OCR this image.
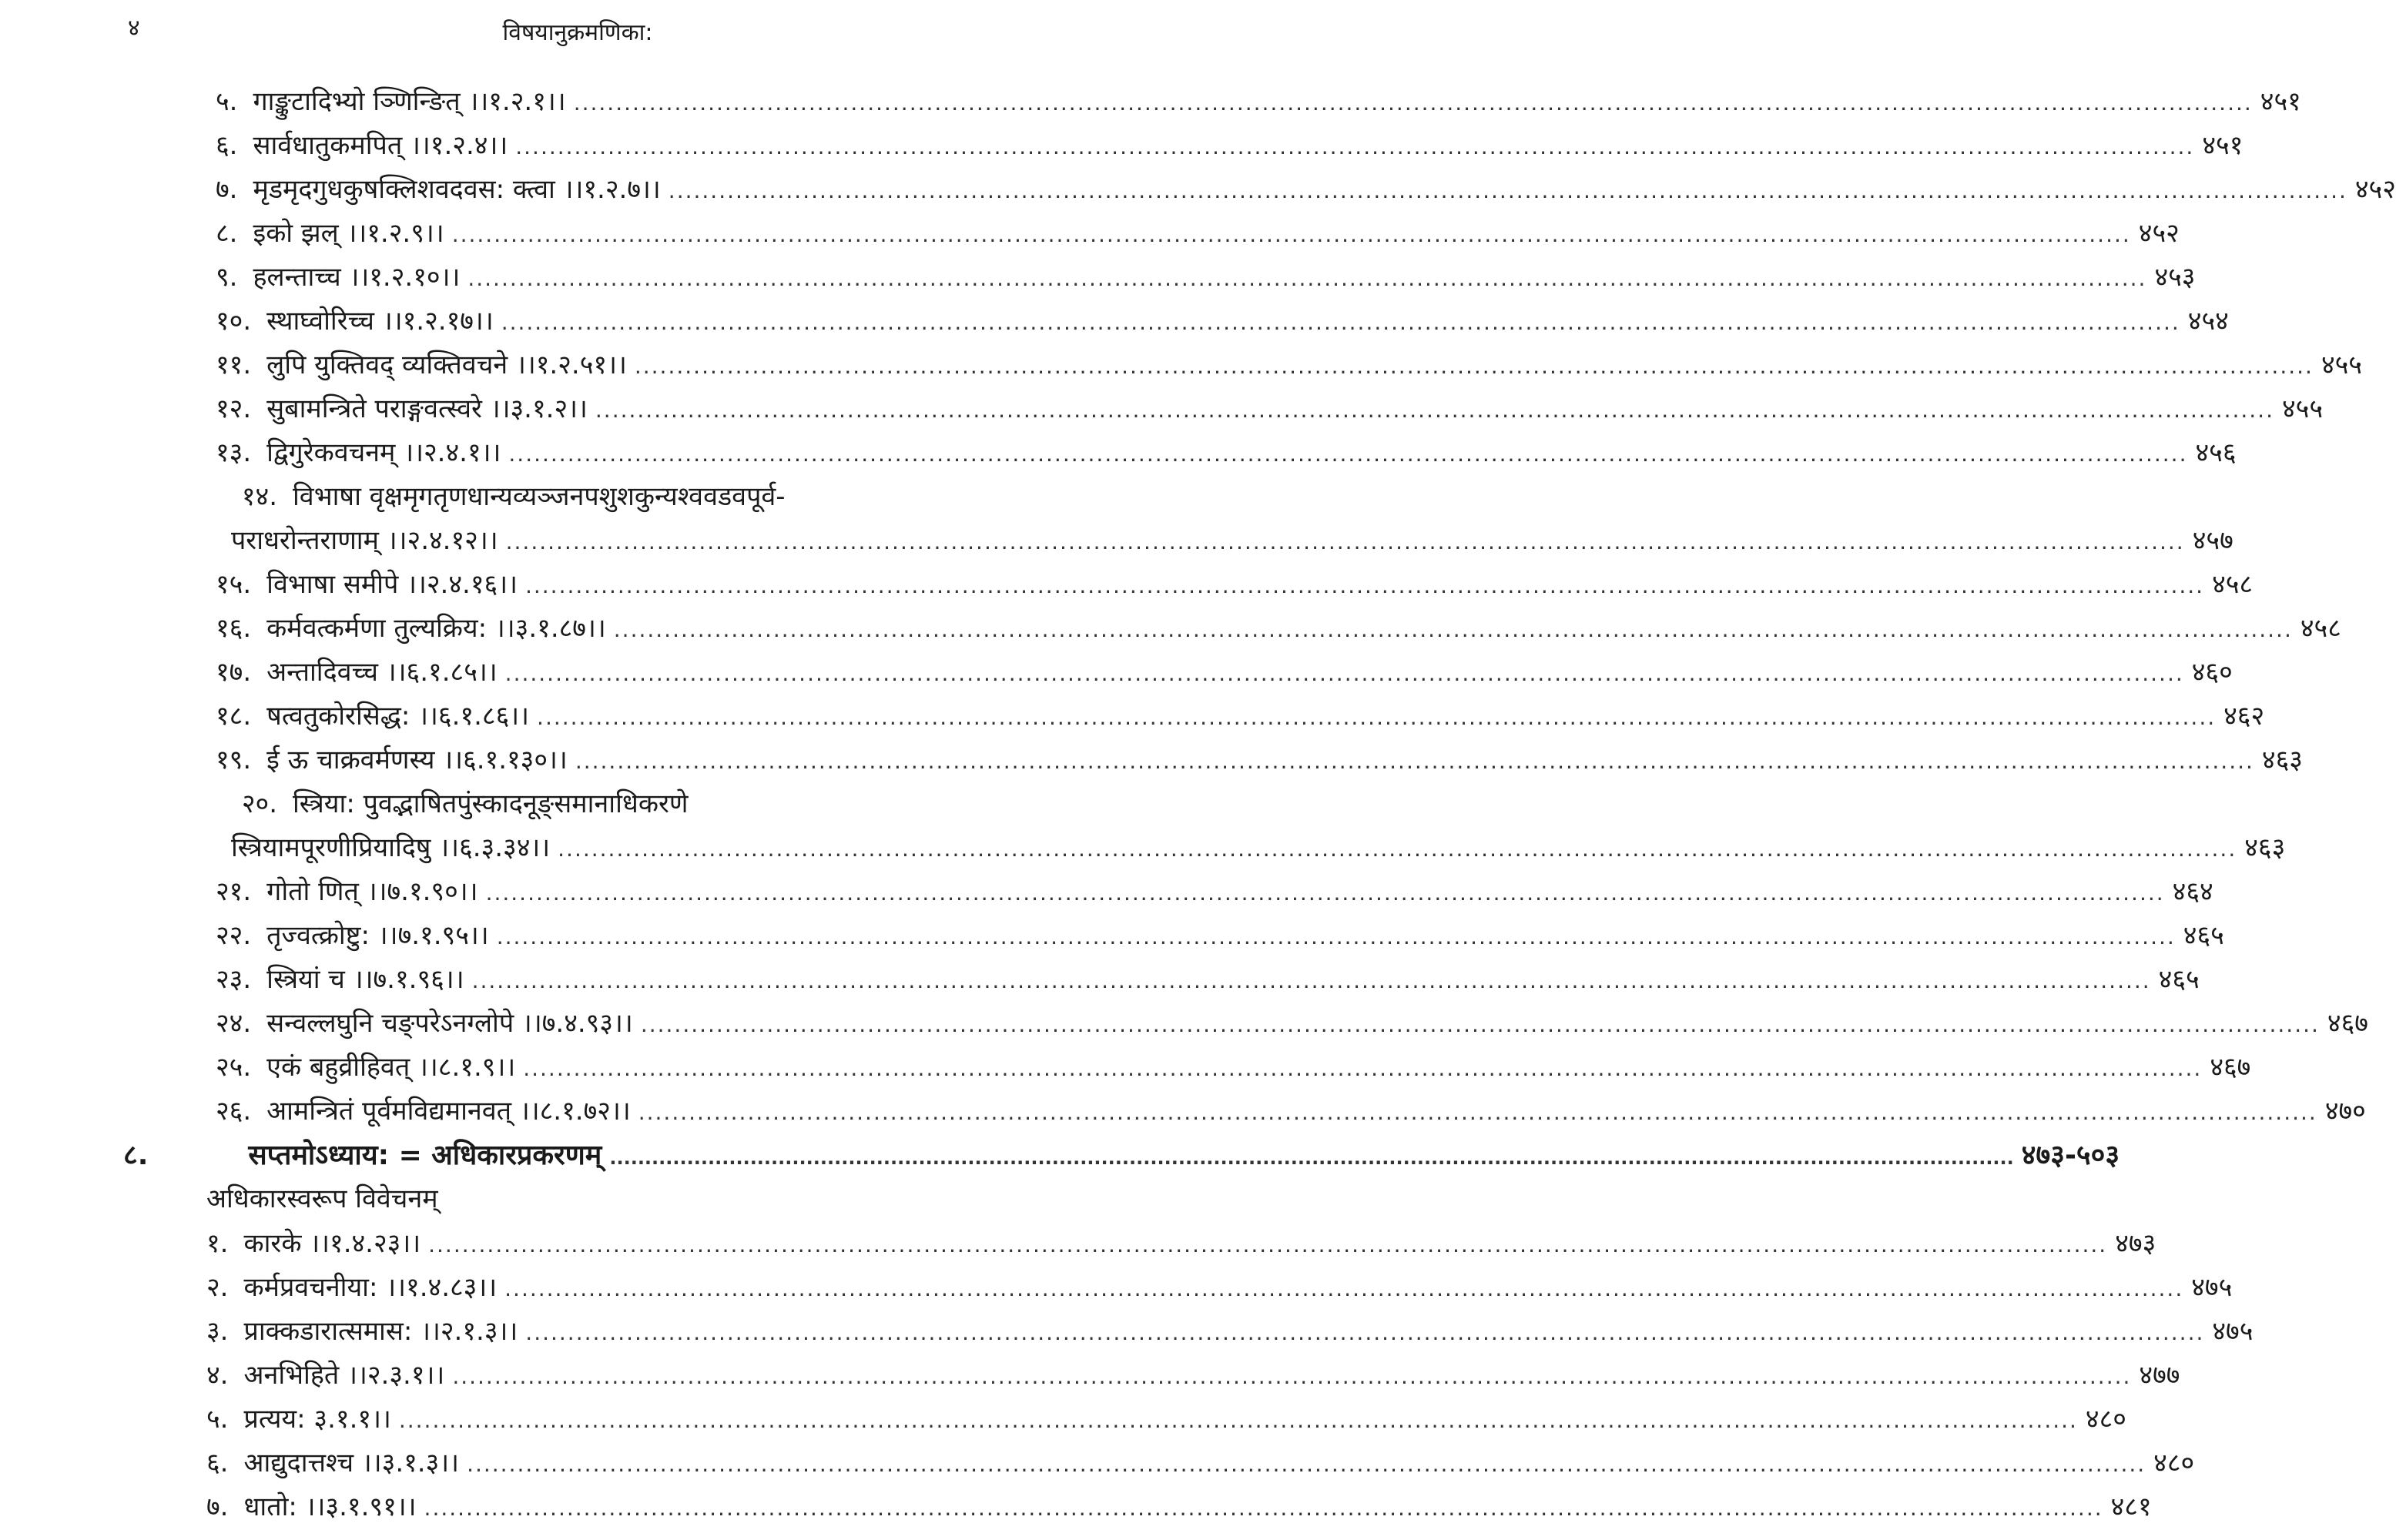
४	विषयानुक्रमणिका:
५. गाङ्कुटादिभ्यो ञ्णिन्ङित् ।।१.२.१।। ........................................................................................................................................................................................................ ४५१
६. सार्वधातुकमपित् ।।१.२.४।। ........................................................................................................................................................................................................ ४५१
७. मृडमृदगुधकुषक्लिशवदवस: क्त्वा ।।१.२.७।। ........................................................................................................................................................................................................ ४५२
८. इको झल् ।।१.२.९।। ........................................................................................................................................................................................................ ४५२
९. हलन्ताच्च ।।१.२.१०।। ........................................................................................................................................................................................................ ४५३
१०. स्थाघ्वोरिच्च ।।१.२.१७।। ........................................................................................................................................................................................................ ४५४
११. लुपि युक्तिवद् व्यक्तिवचने ।।१.२.५१।। ........................................................................................................................................................................................................ ४५५
१२. सुबामन्त्रिते पराङ्गवत्स्वरे ।।३.१.२।। ........................................................................................................................................................................................................ ४५५
१३. द्विगुरेकवचनम् ।।२.४.१।। ........................................................................................................................................................................................................ ४५६
१४. विभाषा वृक्षमृगतृणधान्यव्यञ्जनपशुशकुन्यश्ववडवपूर्व-
पराधरोन्तराणाम् ।।२.४.१२।। ........................................................................................................................................................................................................ ४५७
१५. विभाषा समीपे ।।२.४.१६।। ........................................................................................................................................................................................................ ४५८
१६. कर्मवत्कर्मणा तुल्यक्रिय: ।।३.१.८७।। ........................................................................................................................................................................................................ ४५८
१७. अन्तादिवच्च ।।६.१.८५।। ........................................................................................................................................................................................................ ४६०
१८. षत्वतुकोरसिद्ध: ।।६.१.८६।। ........................................................................................................................................................................................................ ४६२
१९. ई ऊ चाक्रवर्मणस्य ।।६.१.१३०।। ........................................................................................................................................................................................................ ४६३
२०. स्त्रिया: पुवद्भाषितपुंस्कादनूङ्समानाधिकरणे
स्त्रियामपूरणीप्रियादिषु ।।६.३.३४।। ........................................................................................................................................................................................................ ४६३
२१. गोतो णित् ।।७.१.९०।। ........................................................................................................................................................................................................ ४६४
२२. तृज्वत्क्रोष्टु: ।।७.१.९५।। ........................................................................................................................................................................................................ ४६५
२३. स्त्रियां च ।।७.१.९६।। ........................................................................................................................................................................................................ ४६५
२४. सन्वल्लघुनि चङ्परेऽनग्लोपे ।।७.४.९३।। ........................................................................................................................................................................................................ ४६७
२५. एकं बहुव्रीहिवत् ।।८.१.९।। ........................................................................................................................................................................................................ ४६७
२६. आमन्त्रितं पूर्वमविद्यमानवत् ।।८.१.७२।। ........................................................................................................................................................................................................ ४७०
८.	सप्तमोऽध्याय: = अधिकारप्रकरणम् ........................................................................................................................................................................................................ ४७३-५०३
अधिकारस्वरूप विवेचनम्
१. कारके ।।१.४.२३।। ........................................................................................................................................................................................................ ४७३
२. कर्मप्रवचनीया: ।।१.४.८३।। ........................................................................................................................................................................................................ ४७५
३. प्राक्कडारात्समास: ।।२.१.३।। ........................................................................................................................................................................................................ ४७५
४. अनभिहिते ।।२.३.१।। ........................................................................................................................................................................................................ ४७७
५. प्रत्यय: ३.१.१।। ........................................................................................................................................................................................................ ४८०
६. आद्युदात्तश्च ।।३.१.३।। ........................................................................................................................................................................................................ ४८०
७. धातो: ।।३.१.९१।। ........................................................................................................................................................................................................ ४८१
